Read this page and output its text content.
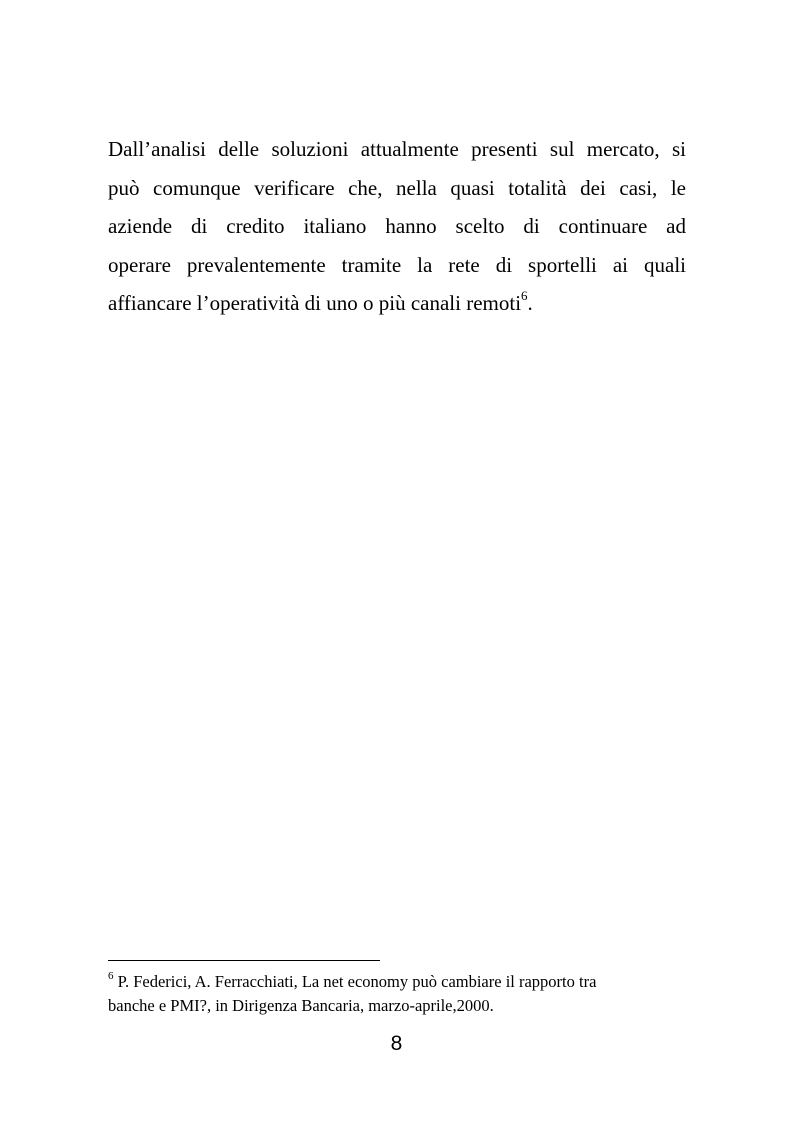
Dall’analisi delle soluzioni attualmente presenti sul mercato, si
può comunque verificare che, nella quasi totalità dei casi, le
aziende di credito italiano hanno scelto di continuare ad
operare prevalentemente tramite la rete di sportelli ai quali
affiancare l’operatività di uno o più canali remoti$^6$.

$^6$ P. Federici, A. Ferracchiati, La net economy può cambiare il rapporto tra
banche e PMI?, in Dirigenza Bancaria, marzo-aprile,2000.

8
